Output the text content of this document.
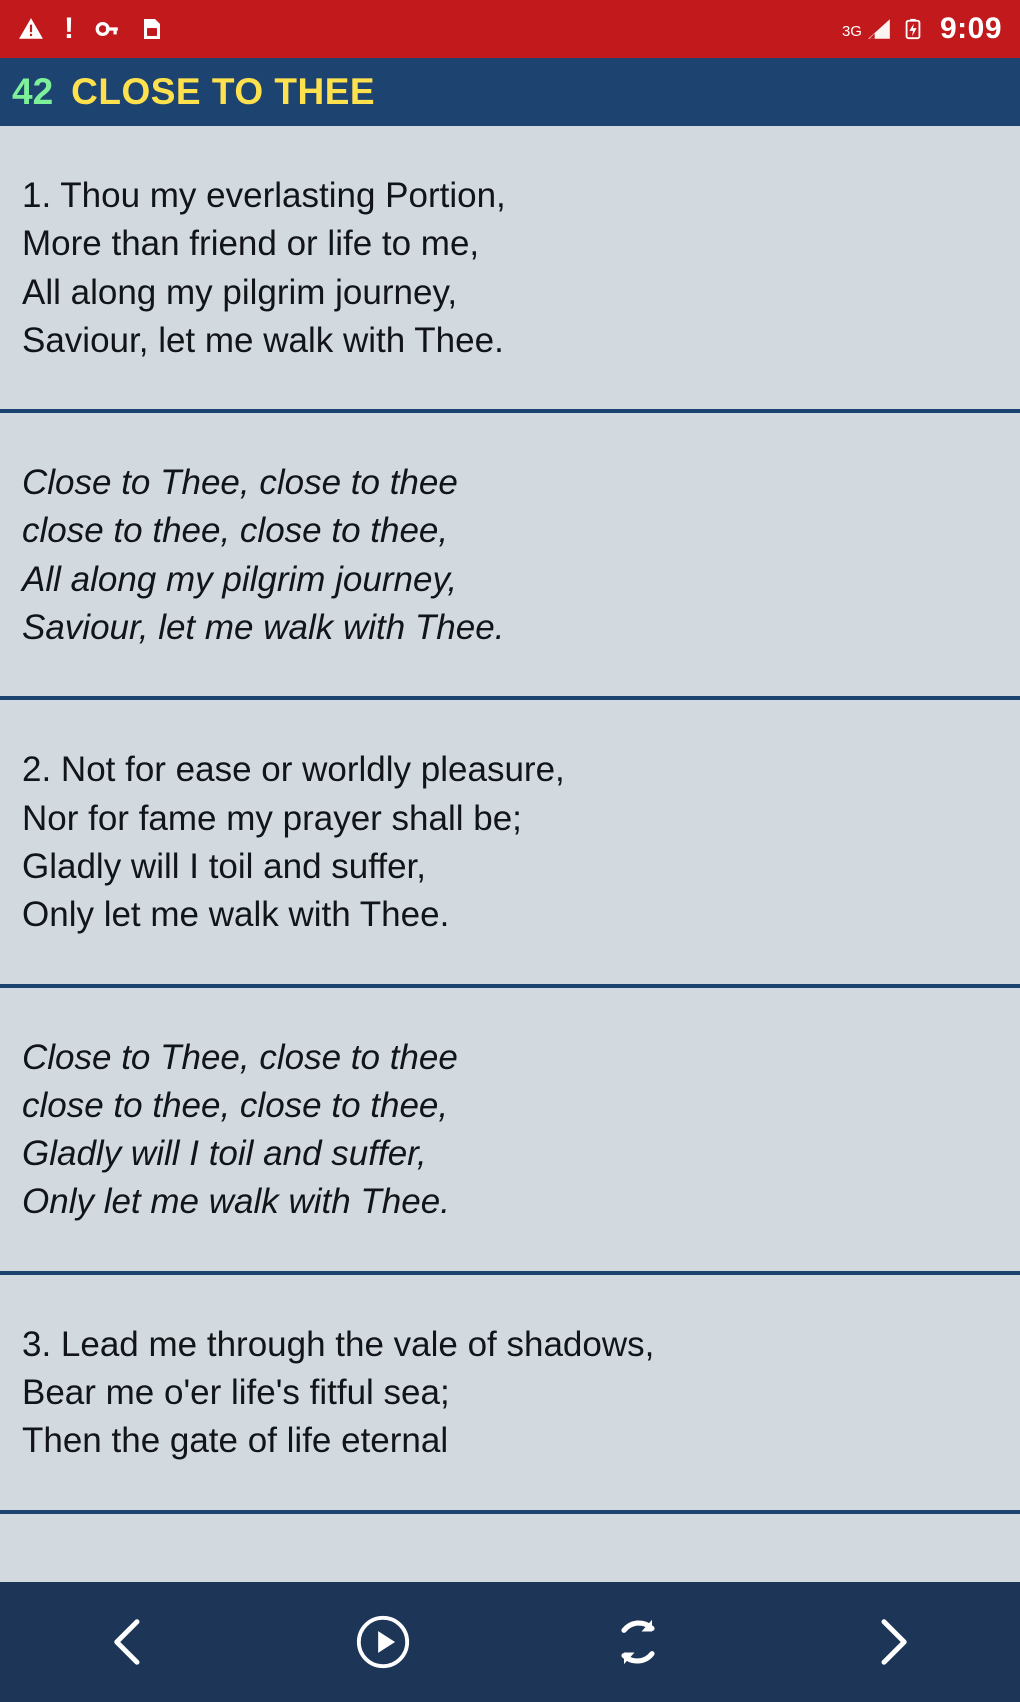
!	3G	9:09
42 CLOSE TO THEE
1. Thou my everlasting Portion,
More than friend or life to me,
All along my pilgrim journey,
Saviour, let me walk with Thee.
Close to Thee, close to thee
close to thee, close to thee,
All along my pilgrim journey,
Saviour, let me walk with Thee.
2. Not for ease or worldly pleasure,
Nor for fame my prayer shall be;
Gladly will I toil and suffer,
Only let me walk with Thee.
Close to Thee, close to thee
close to thee, close to thee,
Gladly will I toil and suffer,
Only let me walk with Thee.
3. Lead me through the vale of shadows,
Bear me o'er life's fitful sea;
Then the gate of life eternal
